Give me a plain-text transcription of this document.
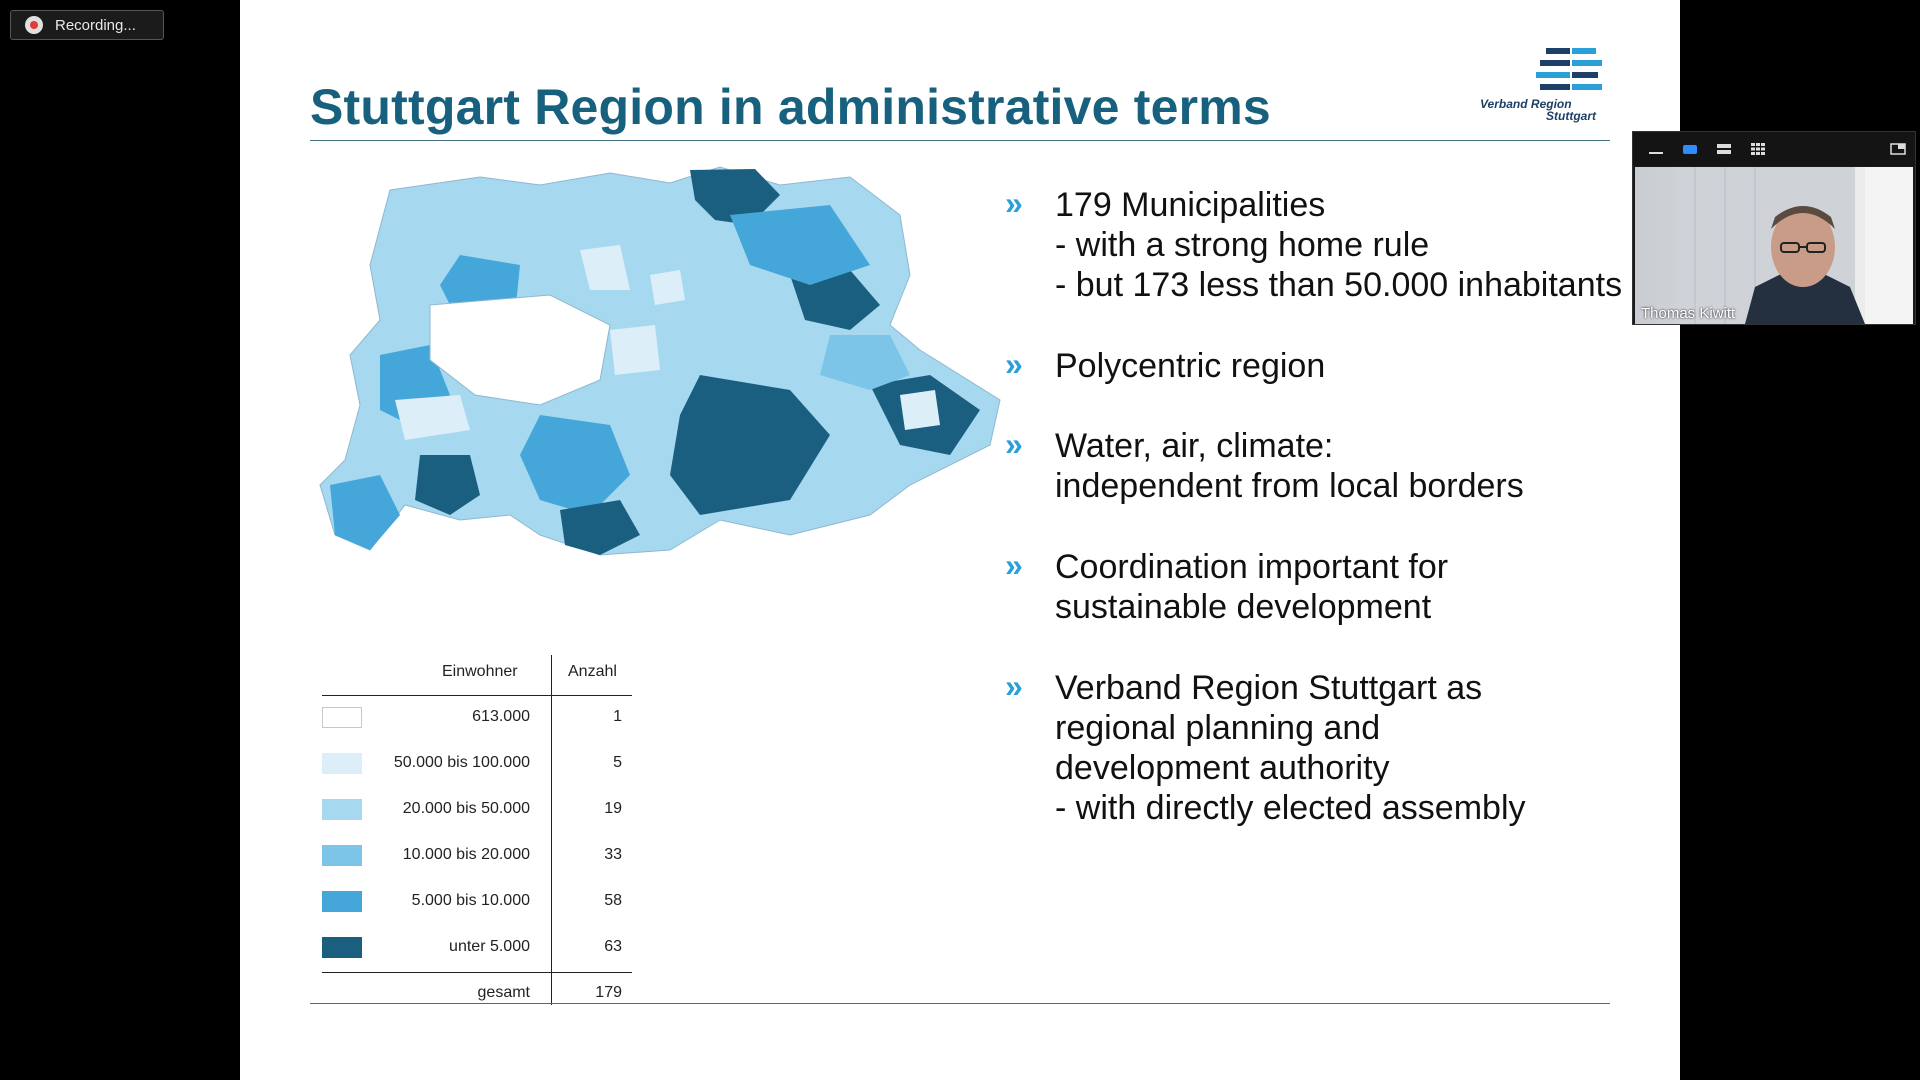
Recording...
Stuttgart Region in administrative terms	Verband Region
Stuttgart
Einwohner	Anzahl
613.000	1
50.000 bis 100.000	5
20.000 bis 50.000	19
10.000 bis 20.000	33
5.000 bis 10.000	58
unter 5.000	63
gesamt	179
» 179 Municipalities
- with a strong home rule
- but 173 less than 50.000 inhabitants
» Polycentric region
» Water, air, climate:
independent from local borders
» Coordination important for
sustainable development
» Verband Region Stuttgart as
regional planning and
development authority
- with directly elected assembly
Thomas Kiwitt
